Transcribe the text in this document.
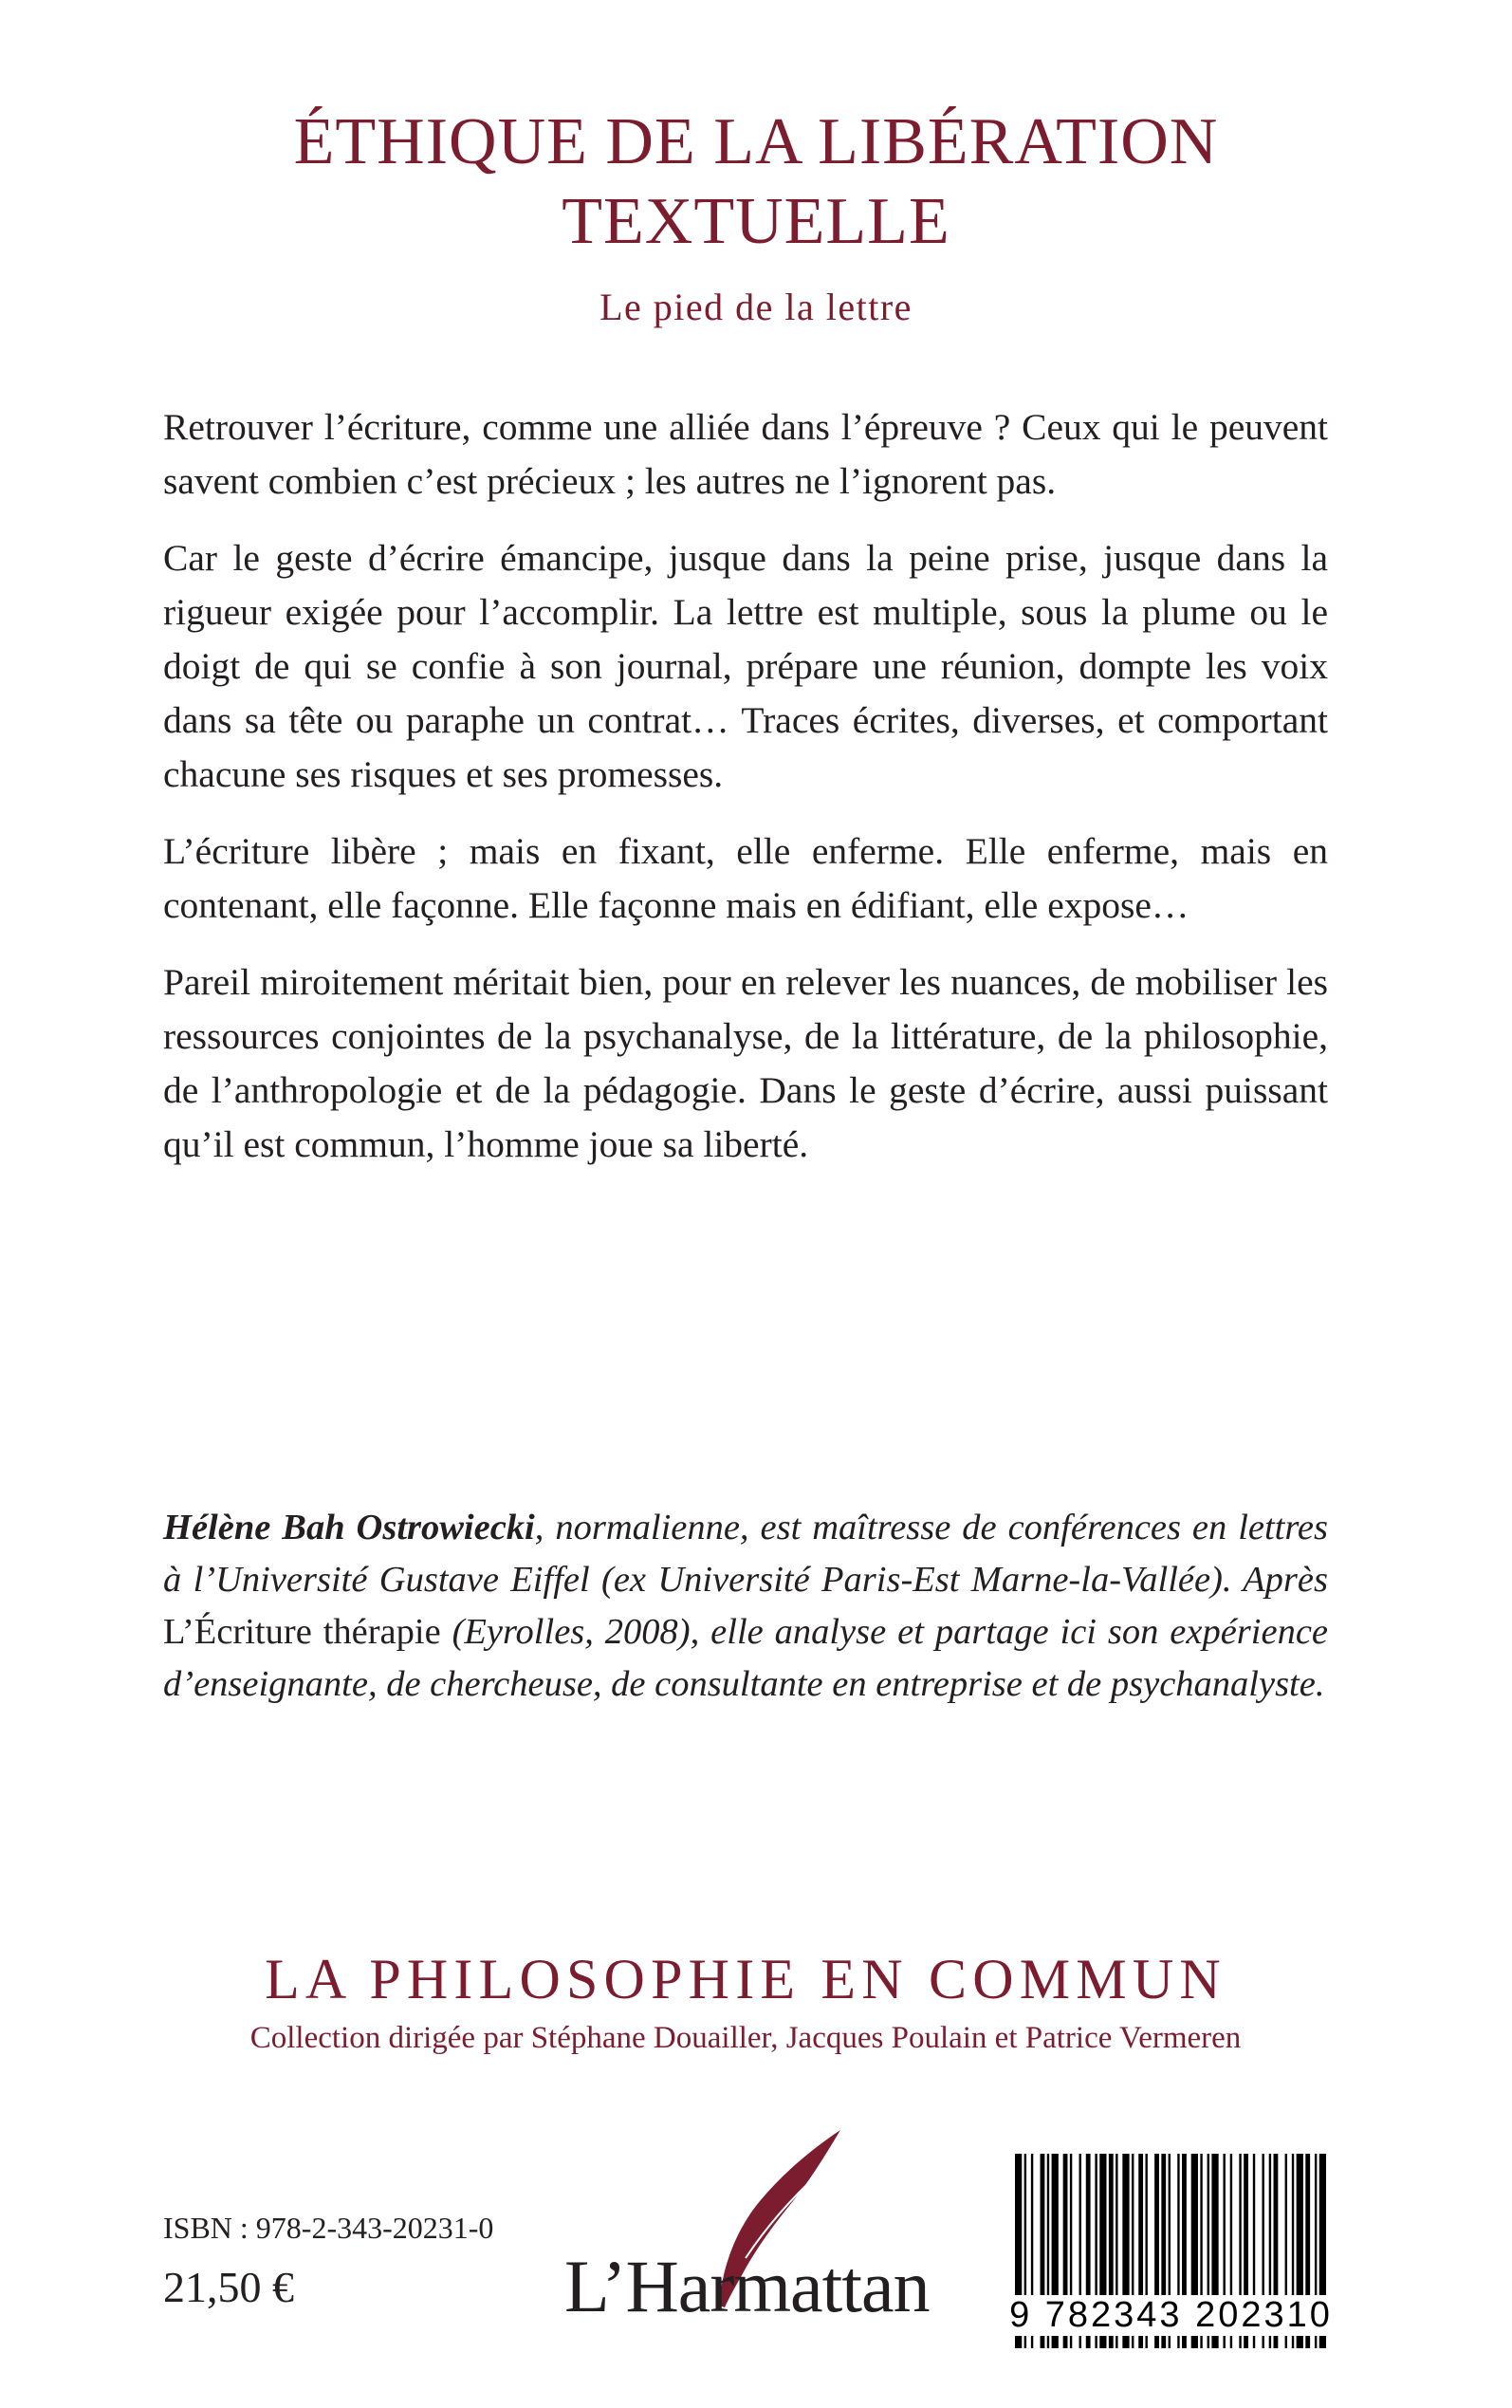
ÉTHIQUE DE LA LIBÉRATION
TEXTUELLE
Le pied de la lettre

Retrouver l’écriture, comme une alliée dans l’épreuve ? Ceux qui le peuvent savent combien c’est précieux ; les autres ne l’ignorent pas.

Car le geste d’écrire émancipe, jusque dans la peine prise, jusque dans la rigueur exigée pour l’accomplir. La lettre est multiple, sous la plume ou le doigt de qui se confie à son journal, prépare une réunion, dompte les voix dans sa tête ou paraphe un contrat… Traces écrites, diverses, et comportant chacune ses risques et ses promesses.

L’écriture libère ; mais en fixant, elle enferme. Elle enferme, mais en contenant, elle façonne. Elle façonne mais en édifiant, elle expose…

Pareil miroitement méritait bien, pour en relever les nuances, de mobiliser les ressources conjointes de la psychanalyse, de la littérature, de la philosophie, de l’anthropologie et de la pédagogie. Dans le geste d’écrire, aussi puissant qu’il est commun, l’homme joue sa liberté.

Hélène Bah Ostrowiecki, normalienne, est maîtresse de conférences en lettres à l’Université Gustave Eiffel (ex Université Paris-Est Marne-la-Vallée). Après L’Écriture thérapie (Eyrolles, 2008), elle analyse et partage ici son expérience d’enseignante, de chercheuse, de consultante en entreprise et de psychanalyste.
LA PHILOSOPHIE EN COMMUN
Collection dirigée par Stéphane Douailler, Jacques Poulain et Patrice Vermeren
ISBN : 978-2-343-20231-0
21,50 €	L’Harmattan 9 782343 202310
